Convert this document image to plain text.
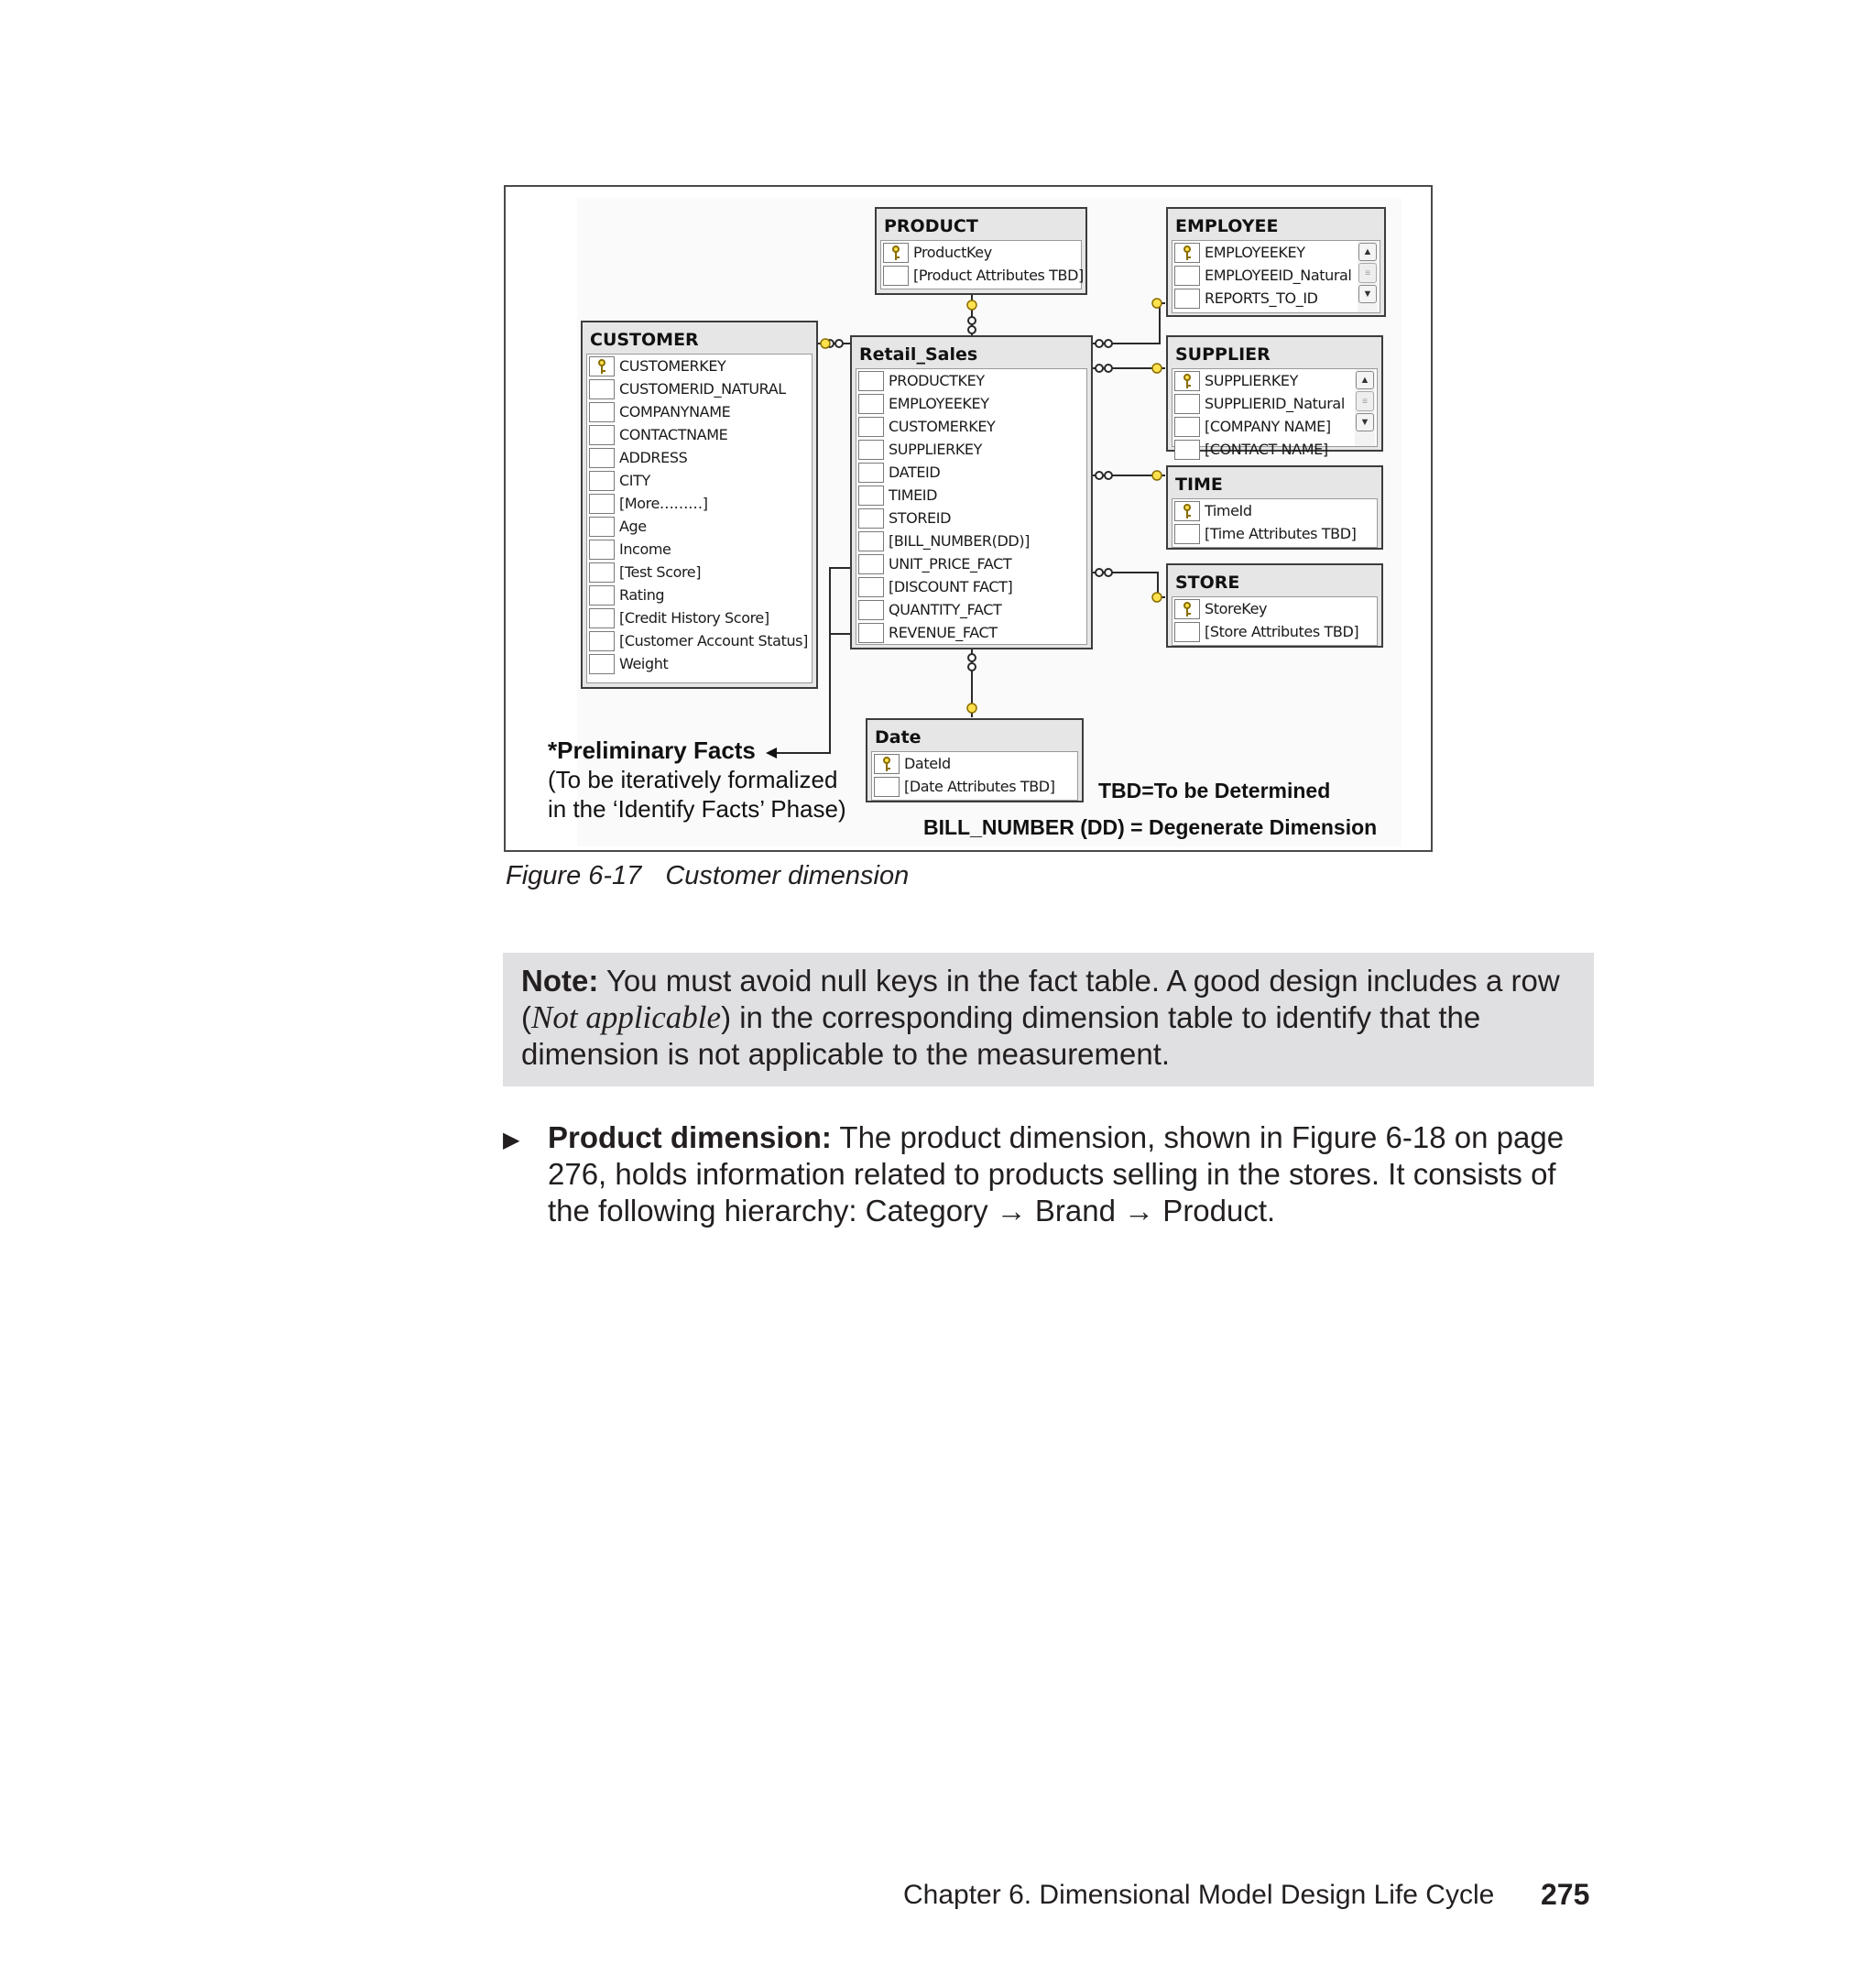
PRODUCT
ProductKey
[Product Attributes TBD]
EMPLOYEE
EMPLOYEEKEY
EMPLOYEEID_Natural
REPORTS_TO_ID
▲
≡
▼
CUSTOMER
CUSTOMERKEY
CUSTOMERID_NATURAL
COMPANYNAME
CONTACTNAME
ADDRESS
CITY
[More………]
Age
Income
[Test Score]
Rating
[Credit History Score]
[Customer Account Status]
Weight
Retail_Sales
PRODUCTKEY
EMPLOYEEKEY
CUSTOMERKEY
SUPPLIERKEY
DATEID
TIMEID
STOREID
[BILL_NUMBER(DD)]
UNIT_PRICE_FACT
[DISCOUNT FACT]
QUANTITY_FACT
REVENUE_FACT
SUPPLIER
SUPPLIERKEY
SUPPLIERID_Natural
[COMPANY NAME]
[CONTACT NAME]
▲
≡
▼
TIME
TimeId
[Time Attributes TBD]
STORE
StoreKey
[Store Attributes TBD]
Date
DateId
[Date Attributes TBD]
*Preliminary Facts
(To be iteratively formalized
in the ‘Identify Facts’ Phase)
TBD=To be Determined
BILL_NUMBER (DD) = Degenerate Dimension
Figure 6-17 Customer dimension
Note: You must avoid null keys in the fact table. A good design includes a row (Not applicable) in the corresponding dimension table to identify that the dimension is not applicable to the measurement.
▶ Product dimension: The product dimension, shown in Figure 6-18 on page 276, holds information related to products selling in the stores. It consists of the following hierarchy: Category → Brand → Product.
Chapter 6. Dimensional Model Design Life Cycle 275
